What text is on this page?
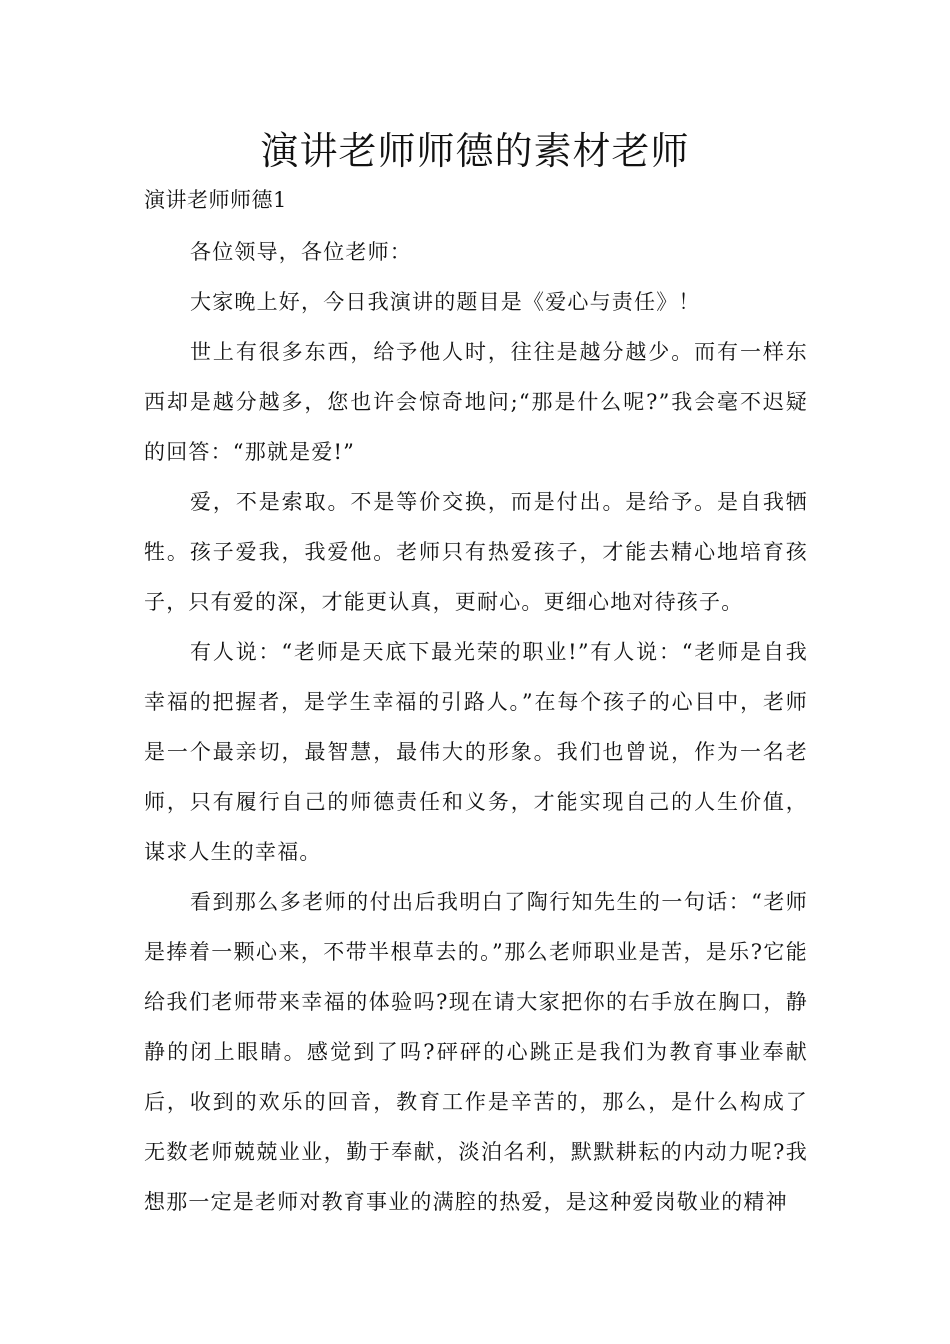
演讲老师师德的素材老师
演讲老师师德1

各位领导，各位老师：

大家晚上好，今日我演讲的题目是《爱心与责任》！

世上有很多东西，给予他人时，往往是越分越少。而有一样东西却是越分越多，您也许会惊奇地问;“那是什么呢?”我会毫不迟疑的回答：“那就是爱!”

爱，不是索取。不是等价交换，而是付出。是给予。是自我牺牲。孩子爱我，我爱他。老师只有热爱孩子，才能去精心地培育孩子，只有爱的深，才能更认真，更耐心。更细心地对待孩子。

有人说：“老师是天底下最光荣的职业!”有人说：“老师是自我幸福的把握者，是学生幸福的引路人。”在每个孩子的心目中，老师是一个最亲切，最智慧，最伟大的形象。我们也曾说，作为一名老师，只有履行自己的师德责任和义务，才能实现自己的人生价值，谋求人生的幸福。

看到那么多老师的付出后我明白了陶行知先生的一句话：“老师是捧着一颗心来，不带半根草去的。”那么老师职业是苦，是乐?它能给我们老师带来幸福的体验吗?现在请大家把你的右手放在胸口，静静的闭上眼睛。感觉到了吗?砰砰的心跳正是我们为教育事业奉献后，收到的欢乐的回音，教育工作是辛苦的，那么，是什么构成了无数老师兢兢业业，勤于奉献，淡泊名利，默默耕耘的内动力呢?我想那一定是老师对教育事业的满腔的热爱，是这种爱岗敬业的精神
